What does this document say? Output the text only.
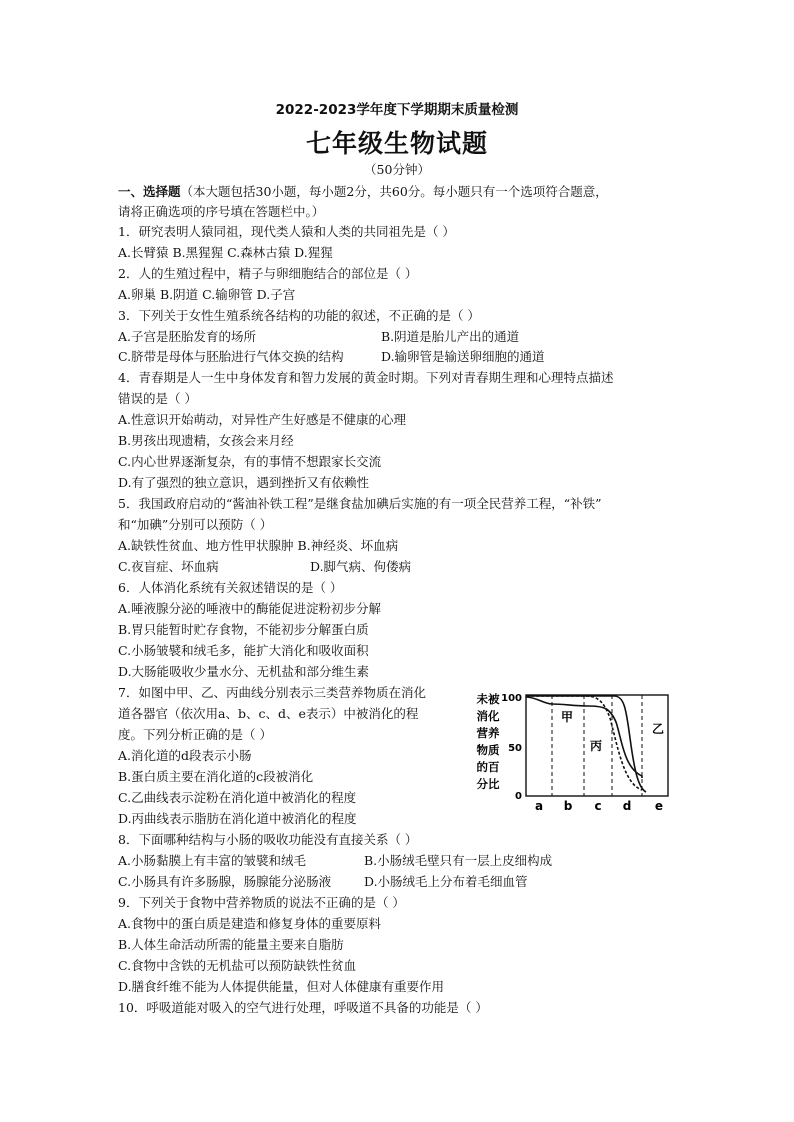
2022-2023学年度下学期期末质量检测
七年级生物试题
（50分钟）
一、选择题（本大题包括30小题，每小题2分，共60分。每小题只有一个选项符合题意，
请将正确选项的序号填在答题栏中。）
1．研究表明人猿同祖，现代类人猿和人类的共同祖先是（ ）
A.长臂猿 B.黑猩猩 C.森林古猿 D.猩猩
2．人的生殖过程中，精子与卵细胞结合的部位是（ ）
A.卵巢 B.阴道 C.输卵管 D.子宫
3．下列关于女性生殖系统各结构的功能的叙述，不正确的是（ ）
A.子宫是胚胎发育的场所	B.阴道是胎儿产出的通道
C.脐带是母体与胚胎进行气体交换的结构	D.输卵管是输送卵细胞的通道
4．青春期是人一生中身体发育和智力发展的黄金时期。下列对青春期生理和心理特点描述
错误的是（ ）
A.性意识开始萌动，对异性产生好感是不健康的心理
B.男孩出现遗精，女孩会来月经
C.内心世界逐渐复杂，有的事情不想跟家长交流
D.有了强烈的独立意识，遇到挫折又有依赖性
5．我国政府启动的“酱油补铁工程”是继食盐加碘后实施的有一项全民营养工程，“补铁”
和“加碘”分别可以预防（ ）
A.缺铁性贫血、地方性甲状腺肿 B.神经炎、坏血病
C.夜盲症、坏血病	D.脚气病、佝偻病
6．人体消化系统有关叙述错误的是（ ）
A.唾液腺分泌的唾液中的酶能促进淀粉初步分解
B.胃只能暂时贮存食物，不能初步分解蛋白质
C.小肠皱襞和绒毛多，能扩大消化和吸收面积
D.大肠能吸收少量水分、无机盐和部分维生素
7．如图中甲、乙、丙曲线分别表示三类营养物质在消化
道各器官（依次用a、b、c、d、e表示）中被消化的程
度。下列分析正确的是（ ）
A.消化道的d段表示小肠
B.蛋白质主要在消化道的c段被消化
C.乙曲线表示淀粉在消化道中被消化的程度
D.丙曲线表示脂肪在消化道中被消化的程度
未被
消化
营养
物质
的百
分比
100
50
0
甲
丙
乙
a b c d e
8．下面哪种结构与小肠的吸收功能没有直接关系（ ）
A.小肠黏膜上有丰富的皱襞和绒毛	B.小肠绒毛壁只有一层上皮细构成
C.小肠具有许多肠腺，肠腺能分泌肠液	D.小肠绒毛上分布着毛细血管
9．下列关于食物中营养物质的说法不正确的是（ ）
A.食物中的蛋白质是建造和修复身体的重要原料
B.人体生命活动所需的能量主要来自脂肪
C.食物中含铁的无机盐可以预防缺铁性贫血
D.膳食纤维不能为人体提供能量，但对人体健康有重要作用
10．呼吸道能对吸入的空气进行处理，呼吸道不具备的功能是（ ）
